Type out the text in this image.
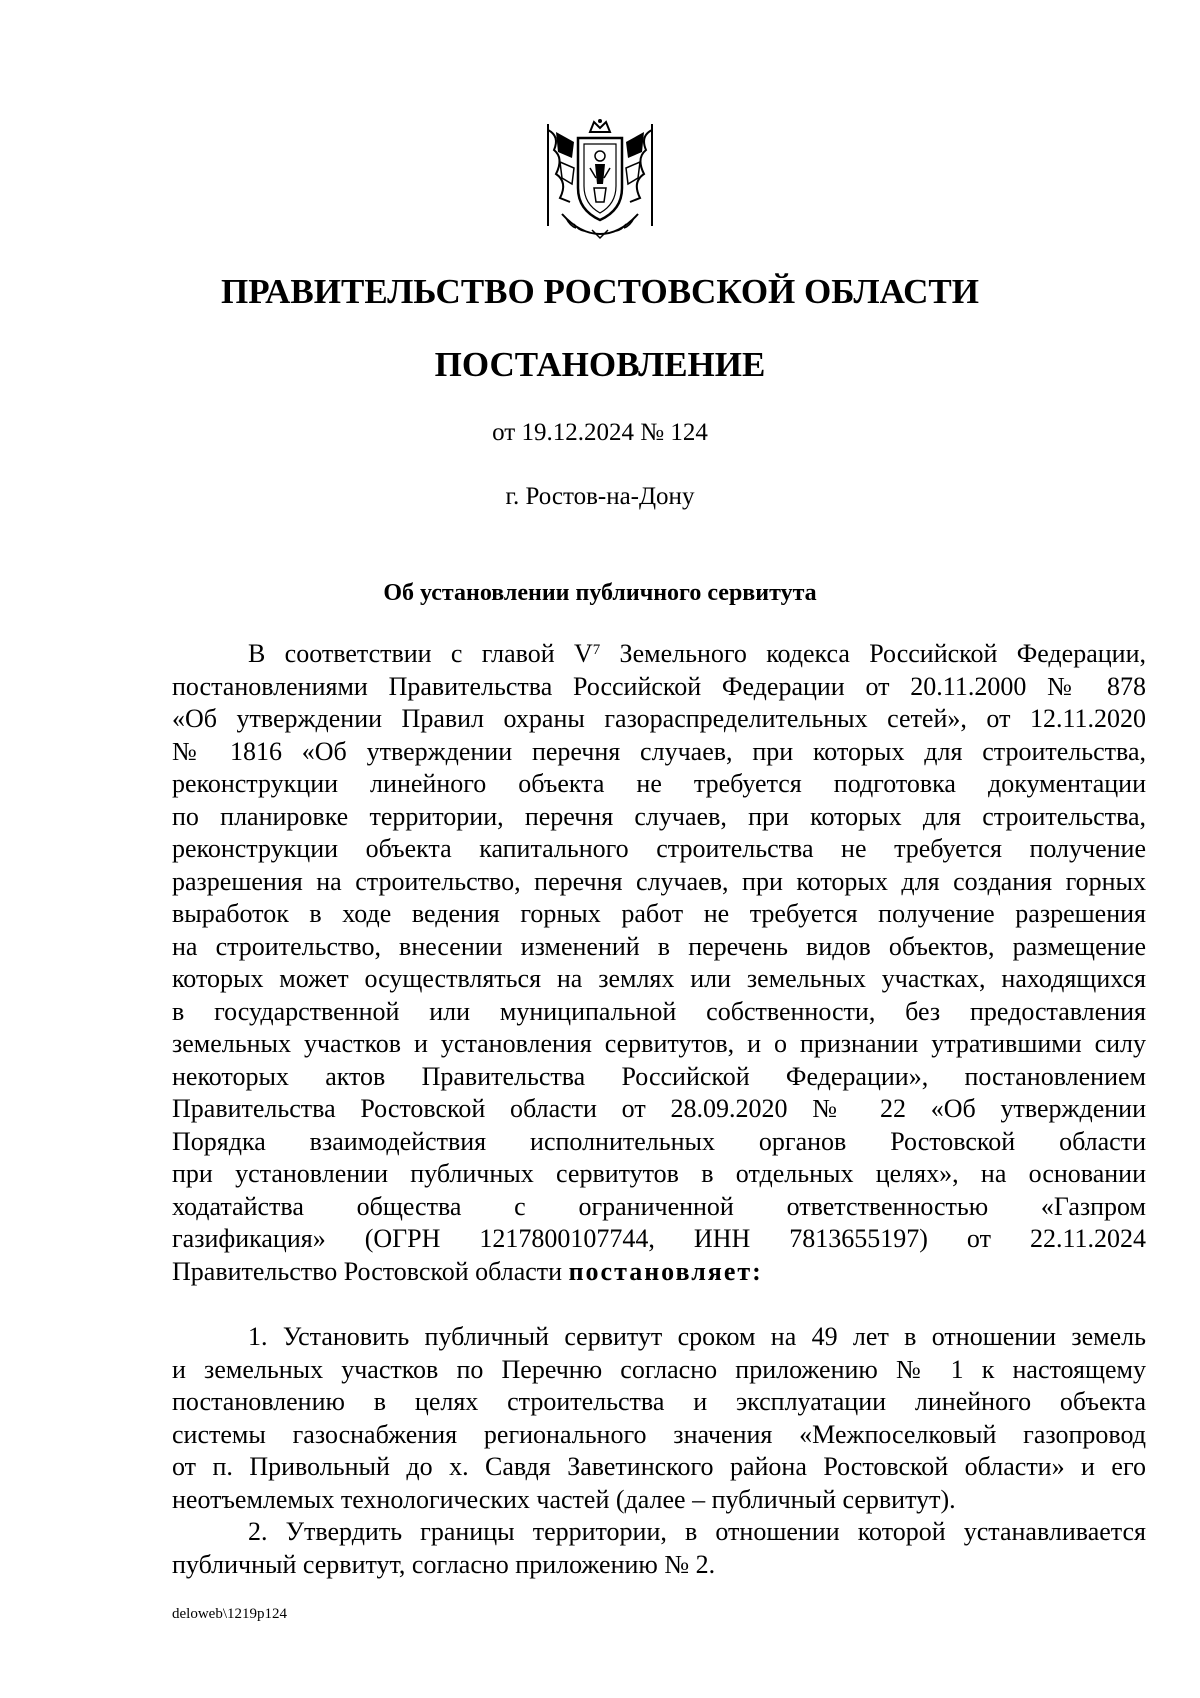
ПРАВИТЕЛЬСТВО РОСТОВСКОЙ ОБЛАСТИ
ПОСТАНОВЛЕНИЕ
от 19.12.2024 № 124
г. Ростов-на-Дону
Об установлении публичного сервитута
В соответствии с главой $V^7$ Земельного кодекса Российской Федерации,
постановлениями Правительства Российской Федерации от 20.11.2000 № 878
«Об утверждении Правил охраны газораспределительных сетей», от 12.11.2020
№ 1816 «Об утверждении перечня случаев, при которых для строительства,
реконструкции линейного объекта не требуется подготовка документации
по планировке территории, перечня случаев, при которых для строительства,
реконструкции объекта капитального строительства не требуется получение
разрешения на строительство, перечня случаев, при которых для создания горных
выработок в ходе ведения горных работ не требуется получение разрешения
на строительство, внесении изменений в перечень видов объектов, размещение
которых может осуществляться на землях или земельных участках, находящихся
в государственной или муниципальной собственности, без предоставления
земельных участков и установления сервитутов, и о признании утратившими силу
некоторых актов Правительства Российской Федерации», постановлением
Правительства Ростовской области от 28.09.2020 № 22 «Об утверждении
Порядка взаимодействия исполнительных органов Ростовской области
при установлении публичных сервитутов в отдельных целях», на основании
ходатайства общества с ограниченной ответственностью «Газпром
газификация» (ОГРН 1217800107744, ИНН 7813655197) от 22.11.2024
Правительство Ростовской области постановляет:
1. Установить публичный сервитут сроком на 49 лет в отношении земель
и земельных участков по Перечню согласно приложению № 1 к настоящему
постановлению в целях строительства и эксплуатации линейного объекта
системы газоснабжения регионального значения «Межпоселковый газопровод
от п. Привольный до х. Савдя Заветинского района Ростовской области» и его
неотъемлемых технологических частей (далее – публичный сервитут).
2. Утвердить границы территории, в отношении которой устанавливается
публичный сервитут, согласно приложению № 2.
deloweb\1219p124
